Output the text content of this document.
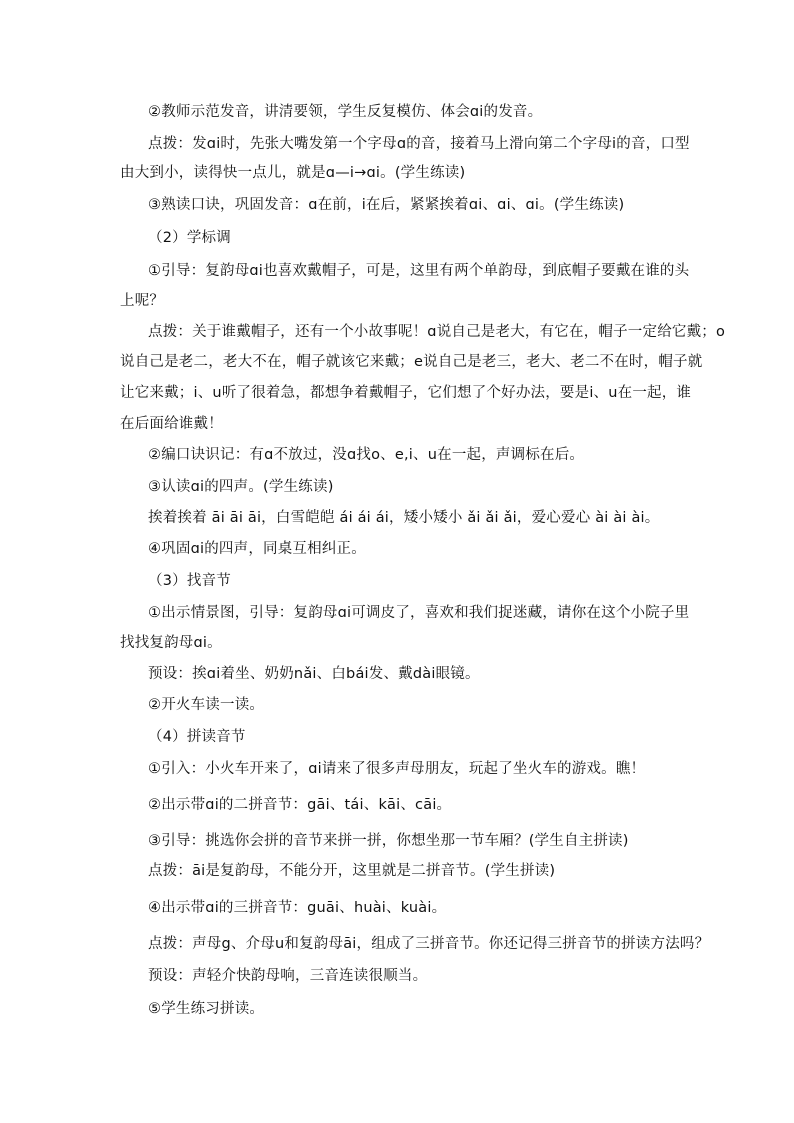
②教师示范发音，讲清要领，学生反复模仿、体会ɑi的发音。
点拨：发ɑi时，先张大嘴发第一个字母ɑ的音，接着马上滑向第二个字母i的音，口型
由大到小，读得快一点儿，就是ɑ—i→ɑi。(学生练读)
③熟读口诀，巩固发音：ɑ在前，i在后，紧紧挨着ɑi、ɑi、ɑi。(学生练读)
（2）学标调
①引导：复韵母ɑi也喜欢戴帽子，可是，这里有两个单韵母，到底帽子要戴在谁的头
上呢？
点拨：关于谁戴帽子，还有一个小故事呢！ɑ说自己是老大，有它在，帽子一定给它戴；o
说自己是老二，老大不在，帽子就该它来戴；e说自己是老三，老大、老二不在时，帽子就
让它来戴；i、u听了很着急，都想争着戴帽子，它们想了个好办法，要是i、u在一起，谁
在后面给谁戴！
②编口诀识记：有ɑ不放过，没ɑ找o、e,i、u在一起，声调标在后。
③认读ɑi的四声。(学生练读)
挨着挨着 āi āi āi，白雪皑皑 ái ái ái，矮小矮小 ǎi ǎi ǎi，爱心爱心 ài ài ài。
④巩固ɑi的四声，同桌互相纠正。
（3）找音节
①出示情景图，引导：复韵母ɑi可调皮了，喜欢和我们捉迷藏，请你在这个小院子里
找找复韵母ɑi。
预设：挨ɑi着坐、奶奶nǎi、白bái发、戴dài眼镜。
②开火车读一读。
（4）拼读音节
①引入：小火车开来了，ɑi请来了很多声母朋友，玩起了坐火车的游戏。瞧！
②出示带ɑi的二拼音节：gāi、tái、kāi、cāi。
③引导：挑选你会拼的音节来拼一拼，你想坐那一节车厢？(学生自主拼读)
点拨：āi是复韵母，不能分开，这里就是二拼音节。(学生拼读)
④出示带ɑi的三拼音节：guāi、huài、kuài。
点拨：声母g、介母u和复韵母āi，组成了三拼音节。你还记得三拼音节的拼读方法吗？
预设：声轻介快韵母响，三音连读很顺当。
⑤学生练习拼读。
